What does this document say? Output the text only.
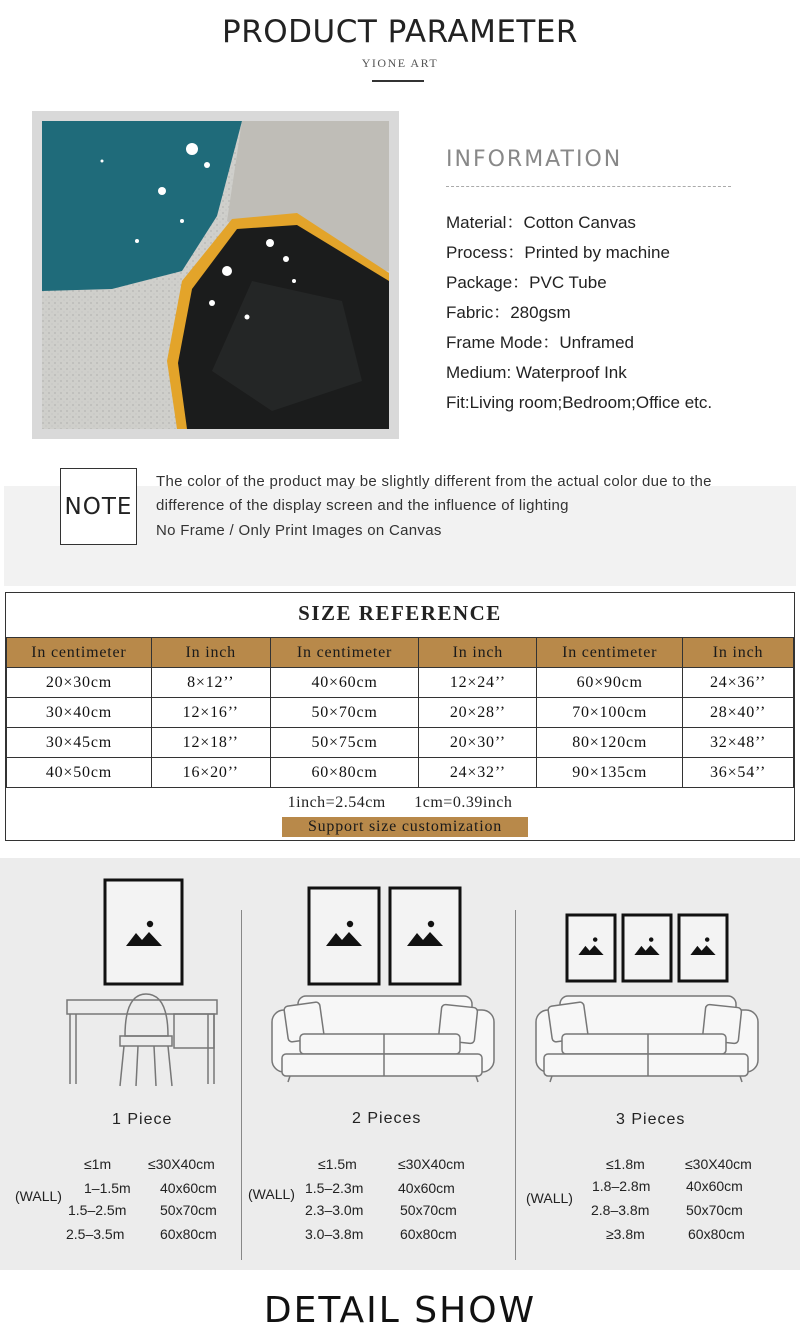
PRODUCT PARAMETER
YIONE ART
INFORMATION
Material：Cotton Canvas
Process：Printed by machine
Package：PVC Tube
Fabric：280gsm
Frame Mode：Unframed
Medium: Waterproof Ink
Fit:Living room;Bedroom;Office etc.
NOTE
The color of the product may be slightly different from the actual color due to the difference of the display screen and the influence of lighting
No Frame / Only Print Images on Canvas
SIZE REFERENCE
In centimeter	In inch	In centimeter	In inch	In centimeter	In inch
20×30cm	8×12’’	40×60cm	12×24’’	60×90cm	24×36’’
30×40cm	12×16’’	50×70cm	20×28’’	70×100cm	28×40’’
30×45cm	12×18’’	50×75cm	20×30’’	80×120cm	32×48’’
40×50cm	16×20’’	60×80cm	24×32’’	90×135cm	36×54’’
1inch=2.54cm 1cm=0.39inch
Support size customization
1 Piece
(WALL)
≤1m	≤30X40cm
1–1.5m 40x60cm
1.5–2.5m 50x70cm
2.5–3.5m	60x80cm
2 Pieces
(WALL)
≤1.5m	≤30X40cm
1.5–2.3m 40x60cm
2.3–3.0m	50x70cm
3.0–3.8m	60x80cm
3 Pieces
(WALL)
≤1.8m	≤30X40cm
1.8–2.8m	40x60cm
2.8–3.8m	50x70cm
≥3.8m	60x80cm
DETAIL SHOW
